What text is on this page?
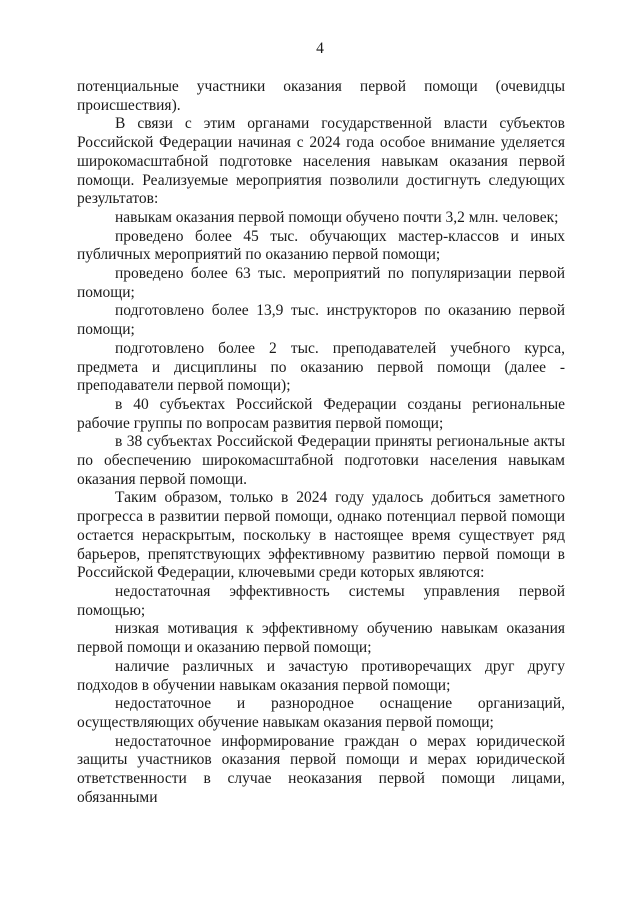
4

потенциальные участники оказания первой помощи (очевидцы происшествия).

В связи с этим органами государственной власти субъектов Российской Федерации начиная с 2024 года особое внимание уделяется широкомасштабной подготовке населения навыкам оказания первой помощи. Реализуемые мероприятия позволили достигнуть следующих результатов:

навыкам оказания первой помощи обучено почти 3,2 млн. человек;

проведено более 45 тыс. обучающих мастер-классов и иных публичных мероприятий по оказанию первой помощи;

проведено более 63 тыс. мероприятий по популяризации первой помощи;

подготовлено более 13,9 тыс. инструкторов по оказанию первой помощи;

подготовлено более 2 тыс. преподавателей учебного курса, предмета и дисциплины по оказанию первой помощи (далее - преподаватели первой помощи);

в 40 субъектах Российской Федерации созданы региональные рабочие группы по вопросам развития первой помощи;

в 38 субъектах Российской Федерации приняты региональные акты по обеспечению широкомасштабной подготовки населения навыкам оказания первой помощи.

Таким образом, только в 2024 году удалось добиться заметного прогресса в развитии первой помощи, однако потенциал первой помощи остается нераскрытым, поскольку в настоящее время существует ряд барьеров, препятствующих эффективному развитию первой помощи в Российской Федерации, ключевыми среди которых являются:

недостаточная эффективность системы управления первой помощью;

низкая мотивация к эффективному обучению навыкам оказания первой помощи и оказанию первой помощи;

наличие различных и зачастую противоречащих друг другу подходов в обучении навыкам оказания первой помощи;

недостаточное и разнородное оснащение организаций, осуществляющих обучение навыкам оказания первой помощи;

недостаточное информирование граждан о мерах юридической защиты участников оказания первой помощи и мерах юридической ответственности в случае неоказания первой помощи лицами, обязанными
